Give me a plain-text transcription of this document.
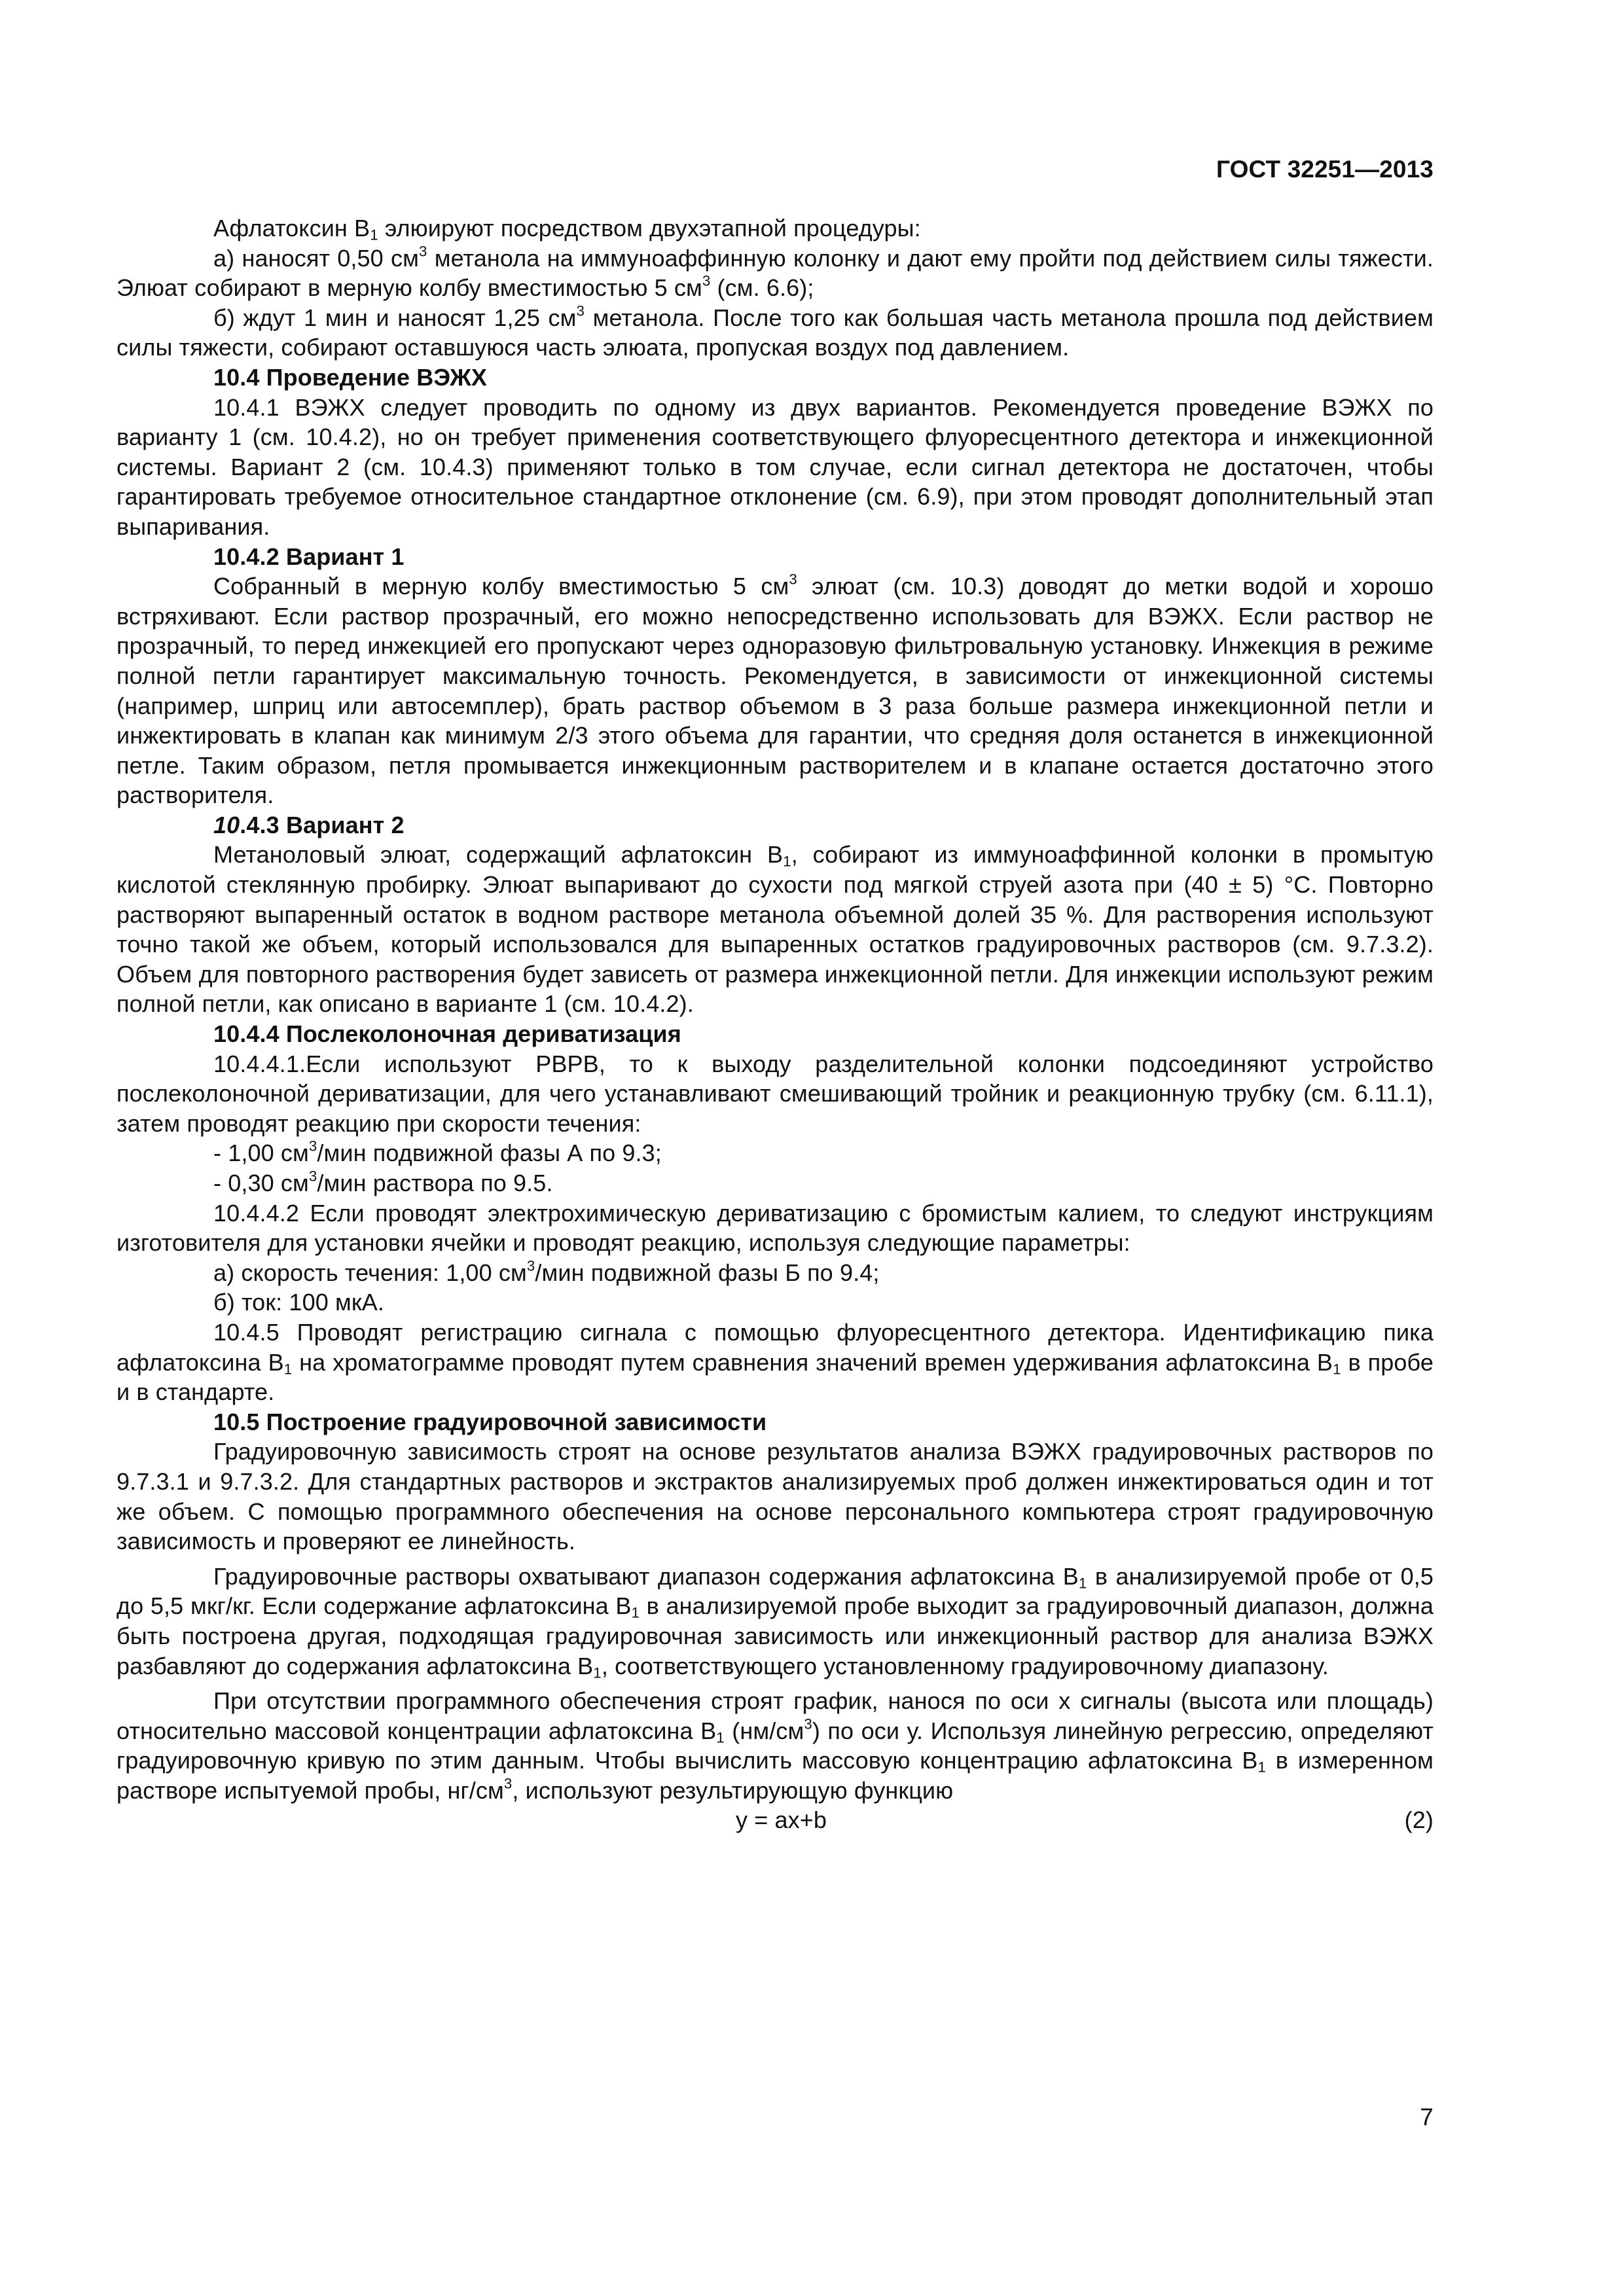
ГОСТ 32251—2013

Афлатоксин $В_1$ элюируют посредством двухэтапной процедуры:

а) наносят 0,50 $см^3$ метанола на иммуноаффинную колонку и дают ему пройти под действием силы тяжести. Элюат собирают в мерную колбу вместимостью 5 $см^3$ (см. 6.6);

б) ждут 1 мин и наносят 1,25 $см^3$ метанола. После того как большая часть метанола прошла под действием силы тяжести, собирают оставшуюся часть элюата, пропуская воздух под давлением.

10.4 Проведение ВЭЖХ

10.4.1 ВЭЖХ следует проводить по одному из двух вариантов. Рекомендуется проведение ВЭЖХ по варианту 1 (см. 10.4.2), но он требует применения соответствующего флуоресцентного детектора и инжекционной системы. Вариант 2 (см. 10.4.3) применяют только в том случае, если сигнал детектора не достаточен, чтобы гарантировать требуемое относительное стандартное отклонение (см. 6.9), при этом проводят дополнительный этап выпаривания.

10.4.2 Вариант 1

Собранный в мерную колбу вместимостью 5 $см^3$ элюат (см. 10.3) доводят до метки водой и хорошо встряхивают. Если раствор прозрачный, его можно непосредственно использовать для ВЭЖХ. Если раствор не прозрачный, то перед инжекцией его пропускают через одноразовую фильтровальную установку. Инжекция в режиме полной петли гарантирует максимальную точность. Рекомендуется, в зависимости от инжекционной системы (например, шприц или автосемплер), брать раствор объемом в 3 раза больше размера инжекционной петли и инжектировать в клапан как минимум 2/3 этого объема для гарантии, что средняя доля останется в инжекционной петле. Таким образом, петля промывается инжекционным растворителем и в клапане остается достаточно этого растворителя.

10.4.3 Вариант 2

Метаноловый элюат, содержащий афлатоксин $В_1$, собирают из иммуноаффинной колонки в промытую кислотой стеклянную пробирку. Элюат выпаривают до сухости под мягкой струей азота при (40 ± 5) °С. Повторно растворяют выпаренный остаток в водном растворе метанола объемной долей 35 %. Для растворения используют точно такой же объем, который использовался для выпаренных остатков градуировочных растворов (см. 9.7.3.2). Объем для повторного растворения будет зависеть от размера инжекционной петли. Для инжекции используют режим полной петли, как описано в варианте 1 (см. 10.4.2).

10.4.4 Послеколоночная дериватизация

10.4.4.1.Если используют РВРВ, то к выходу разделительной колонки подсоединяют устройство послеколоночной дериватизации, для чего устанавливают смешивающий тройник и реакционную трубку (см. 6.11.1), затем проводят реакцию при скорости течения:

- 1,00 $см^3$/мин подвижной фазы А по 9.3;

- 0,30 $см^3$/мин раствора по 9.5.

10.4.4.2 Если проводят электрохимическую дериватизацию с бромистым калием, то следуют инструкциям изготовителя для установки ячейки и проводят реакцию, используя следующие параметры:

а) скорость течения: 1,00 $см^3$/мин подвижной фазы Б по 9.4;

б) ток: 100 мкА.

10.4.5 Проводят регистрацию сигнала с помощью флуоресцентного детектора. Идентификацию пика афлатоксина $В_1$ на хроматограмме проводят путем сравнения значений времен удерживания афлатоксина $В_1$ в пробе и в стандарте.

10.5 Построение градуировочной зависимости

Градуировочную зависимость строят на основе результатов анализа ВЭЖХ градуировочных растворов по 9.7.3.1 и 9.7.3.2. Для стандартных растворов и экстрактов анализируемых проб должен инжектироваться один и тот же объем. С помощью программного обеспечения на основе персонального компьютера строят градуировочную зависимость и проверяют ее линейность.

Градуировочные растворы охватывают диапазон содержания афлатоксина $В_1$ в анализируемой пробе от 0,5 до 5,5 мкг/кг. Если содержание афлатоксина $В_1$ в анализируемой пробе выходит за градуировочный диапазон, должна быть построена другая, подходящая градуировочная зависимость или инжекционный раствор для анализа ВЭЖХ разбавляют до содержания афлатоксина $В_1$, соответствующего установленному градуировочному диапазону.

При отсутствии программного обеспечения строят график, нанося по оси х сигналы (высота или площадь) относительно массовой концентрации афлатоксина $В_1$ $(нм/см^3)$ по оси у. Используя линейную регрессию, определяют градуировочную кривую по этим данным. Чтобы вычислить массовую концентрацию афлатоксина $В_1$ в измеренном растворе испытуемой пробы, $нг/см^3$, используют результирующую функцию

y = ax+b	(2)
7
